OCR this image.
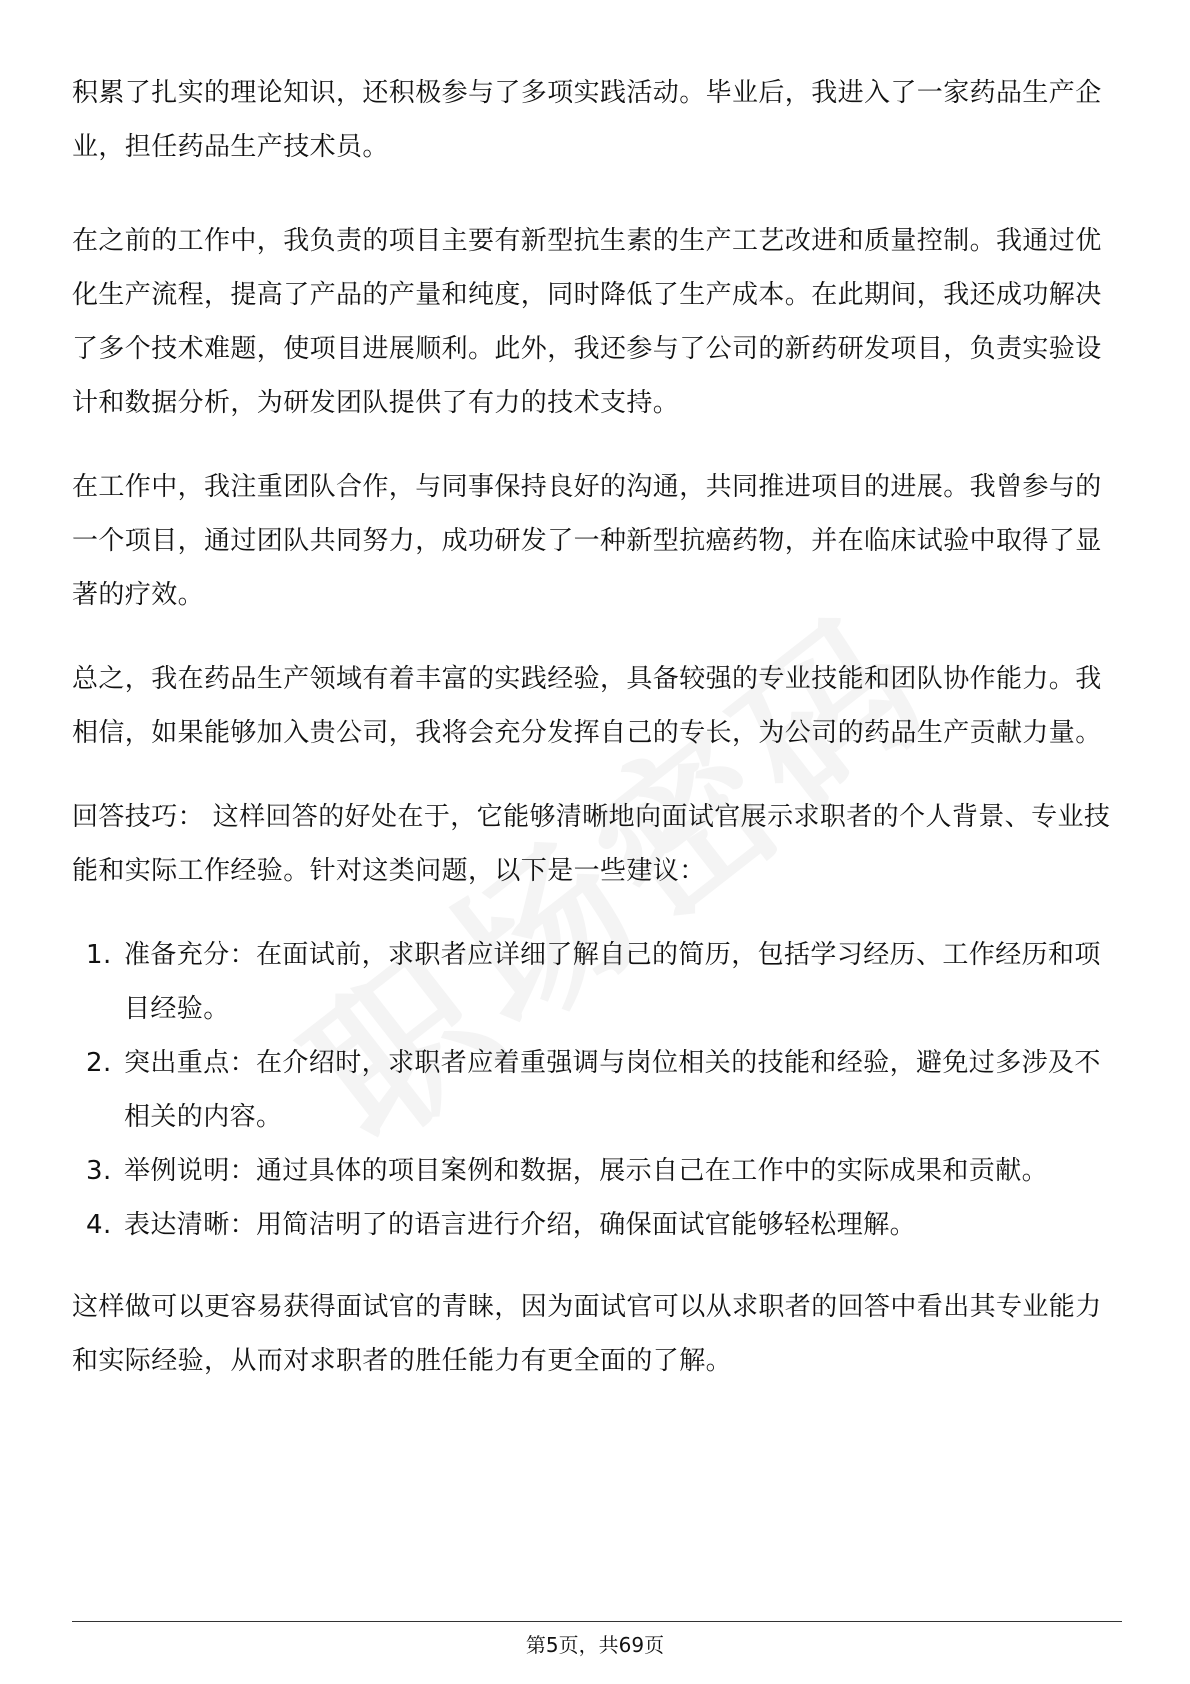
积累了扎实的理论知识，还积极参与了多项实践活动。毕业后，我进入了一家药品生产企业，担任药品生产技术员。

在之前的工作中，我负责的项目主要有新型抗生素的生产工艺改进和质量控制。我通过优化生产流程，提高了产品的产量和纯度，同时降低了生产成本。在此期间，我还成功解决了多个技术难题，使项目进展顺利。此外，我还参与了公司的新药研发项目，负责实验设计和数据分析，为研发团队提供了有力的技术支持。

在工作中，我注重团队合作，与同事保持良好的沟通，共同推进项目的进展。我曾参与的一个项目，通过团队共同努力，成功研发了一种新型抗癌药物，并在临床试验中取得了显著的疗效。

总之，我在药品生产领域有着丰富的实践经验，具备较强的专业技能和团队协作能力。我相信，如果能够加入贵公司，我将会充分发挥自己的专长，为公司的药品生产贡献力量。

回答技巧： 这样回答的好处在于，它能够清晰地向面试官展示求职者的个人背景、专业技能和实际工作经验。针对这类问题，以下是一些建议：

1. 准备充分：在面试前，求职者应详细了解自己的简历，包括学习经历、工作经历和项目经验。
2. 突出重点：在介绍时，求职者应着重强调与岗位相关的技能和经验，避免过多涉及不相关的内容。
3. 举例说明：通过具体的项目案例和数据，展示自己在工作中的实际成果和贡献。
4. 表达清晰：用简洁明了的语言进行介绍，确保面试官能够轻松理解。

这样做可以更容易获得面试官的青睐，因为面试官可以从求职者的回答中看出其专业能力和实际经验，从而对求职者的胜任能力有更全面的了解。

第5页，共69页
